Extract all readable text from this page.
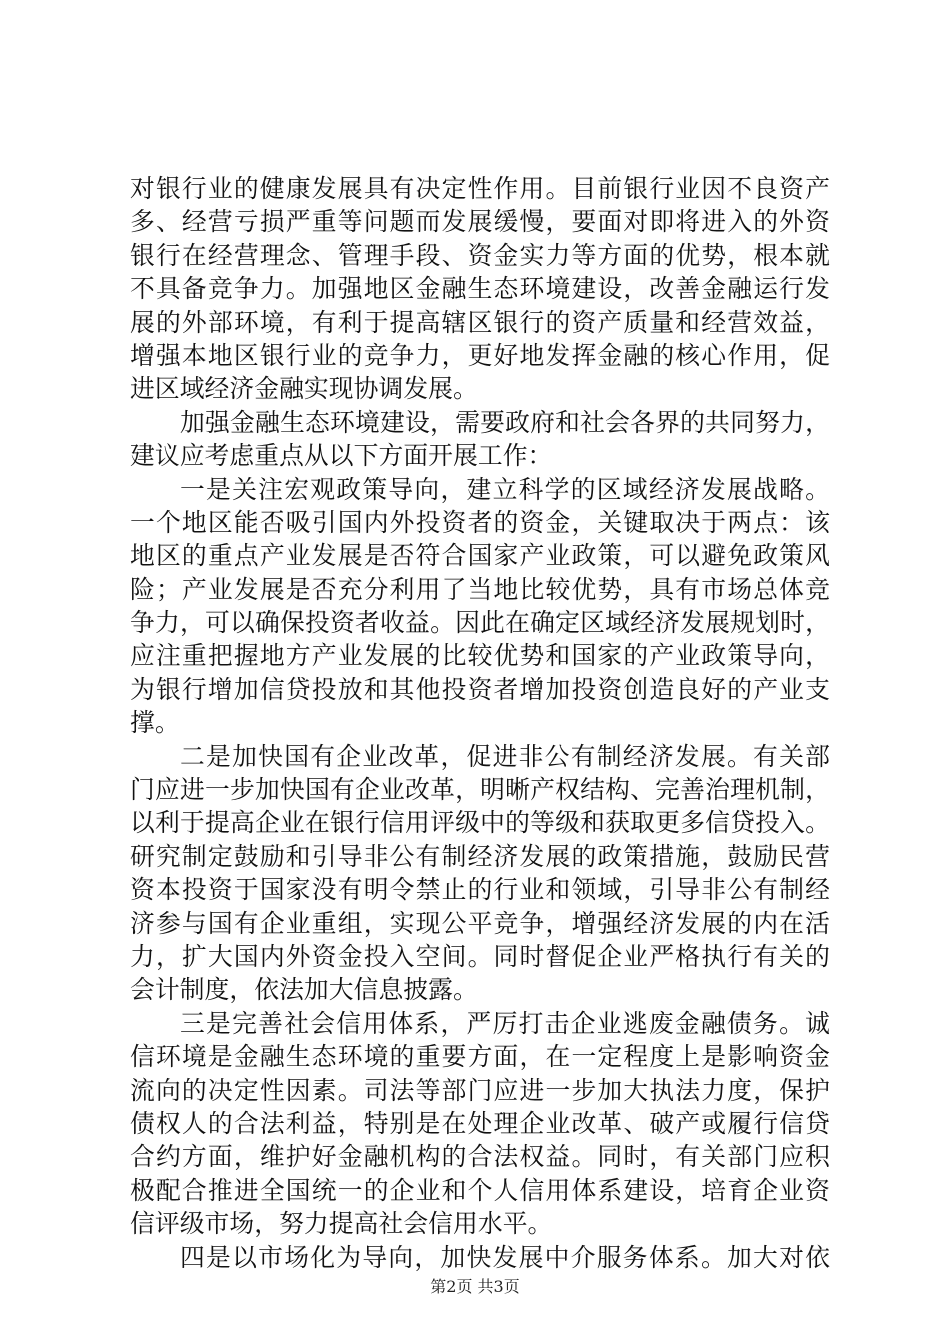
对银行业的健康发展具有决定性作用。目前银行业因不良资产
多、经营亏损严重等问题而发展缓慢，要面对即将进入的外资
银行在经营理念、管理手段、资金实力等方面的优势，根本就
不具备竞争力。加强地区金融生态环境建设，改善金融运行发
展的外部环境，有利于提高辖区银行的资产质量和经营效益，
增强本地区银行业的竞争力，更好地发挥金融的核心作用，促
进区域经济金融实现协调发展。
加强金融生态环境建设，需要政府和社会各界的共同努力，
建议应考虑重点从以下方面开展工作：
一是关注宏观政策导向，建立科学的区域经济发展战略。
一个地区能否吸引国内外投资者的资金，关键取决于两点：该
地区的重点产业发展是否符合国家产业政策，可以避免政策风
险；产业发展是否充分利用了当地比较优势，具有市场总体竞
争力，可以确保投资者收益。因此在确定区域经济发展规划时，
应注重把握地方产业发展的比较优势和国家的产业政策导向，
为银行增加信贷投放和其他投资者增加投资创造良好的产业支
撑。
二是加快国有企业改革，促进非公有制经济发展。有关部
门应进一步加快国有企业改革，明晰产权结构、完善治理机制，
以利于提高企业在银行信用评级中的等级和获取更多信贷投入。
研究制定鼓励和引导非公有制经济发展的政策措施，鼓励民营
资本投资于国家没有明令禁止的行业和领域，引导非公有制经
济参与国有企业重组，实现公平竞争，增强经济发展的内在活
力，扩大国内外资金投入空间。同时督促企业严格执行有关的
会计制度，依法加大信息披露。
三是完善社会信用体系，严厉打击企业逃废金融债务。诚
信环境是金融生态环境的重要方面，在一定程度上是影响资金
流向的决定性因素。司法等部门应进一步加大执法力度，保护
债权人的合法利益，特别是在处理企业改革、破产或履行信贷
合约方面，维护好金融机构的合法权益。同时，有关部门应积
极配合推进全国统一的企业和个人信用体系建设，培育企业资
信评级市场，努力提高社会信用水平。
四是以市场化为导向，加快发展中介服务体系。加大对依
第2页 共3页
